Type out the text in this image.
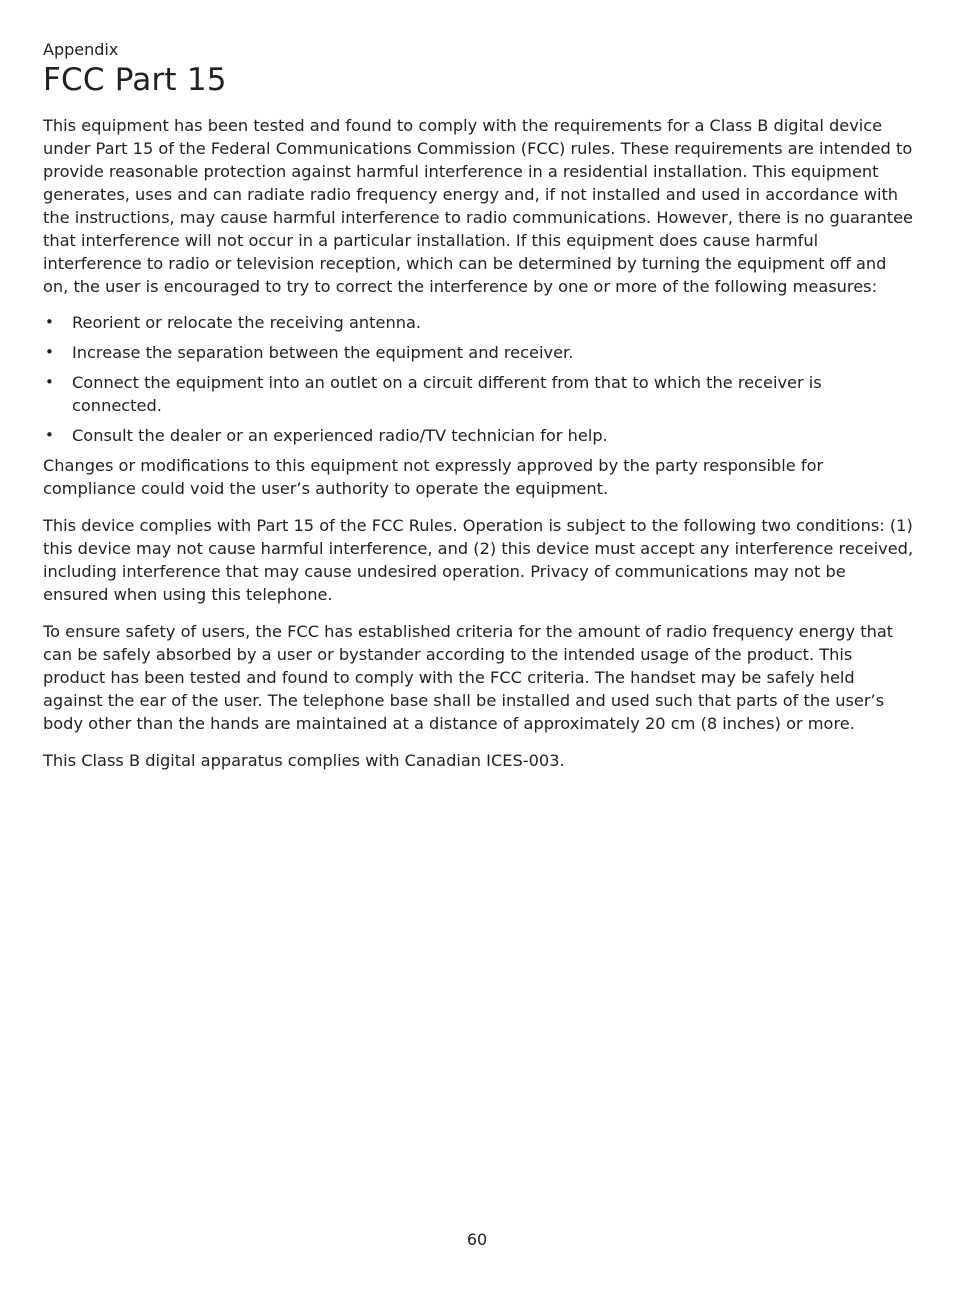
Appendix

FCC Part 15

This equipment has been tested and found to comply with the requirements for a Class B digital device under Part 15 of the Federal Communications Commission (FCC) rules. These requirements are intended to provide reasonable protection against harmful interference in a residential installation. This equipment generates, uses and can radiate radio frequency energy and, if not installed and used in accordance with the instructions, may cause harmful interference to radio communications. However, there is no guarantee that interference will not occur in a particular installation. If this equipment does cause harmful interference to radio or television reception, which can be determined by turning the equipment off and on, the user is encouraged to try to correct the interference by one or more of the following measures:

• Reorient or relocate the receiving antenna.
• Increase the separation between the equipment and receiver.
• Connect the equipment into an outlet on a circuit different from that to which the receiver is connected.
• Consult the dealer or an experienced radio/TV technician for help.

Changes or modifications to this equipment not expressly approved by the party responsible for compliance could void the user’s authority to operate the equipment.

This device complies with Part 15 of the FCC Rules. Operation is subject to the following two conditions: (1) this device may not cause harmful interference, and (2) this device must accept any interference received, including interference that may cause undesired operation. Privacy of communications may not be ensured when using this telephone.

To ensure safety of users, the FCC has established criteria for the amount of radio frequency energy that can be safely absorbed by a user or bystander according to the intended usage of the product. This product has been tested and found to comply with the FCC criteria. The handset may be safely held against the ear of the user. The telephone base shall be installed and used such that parts of the user’s body other than the hands are maintained at a distance of approximately 20 cm (8 inches) or more.

This Class B digital apparatus complies with Canadian ICES-003.

60
